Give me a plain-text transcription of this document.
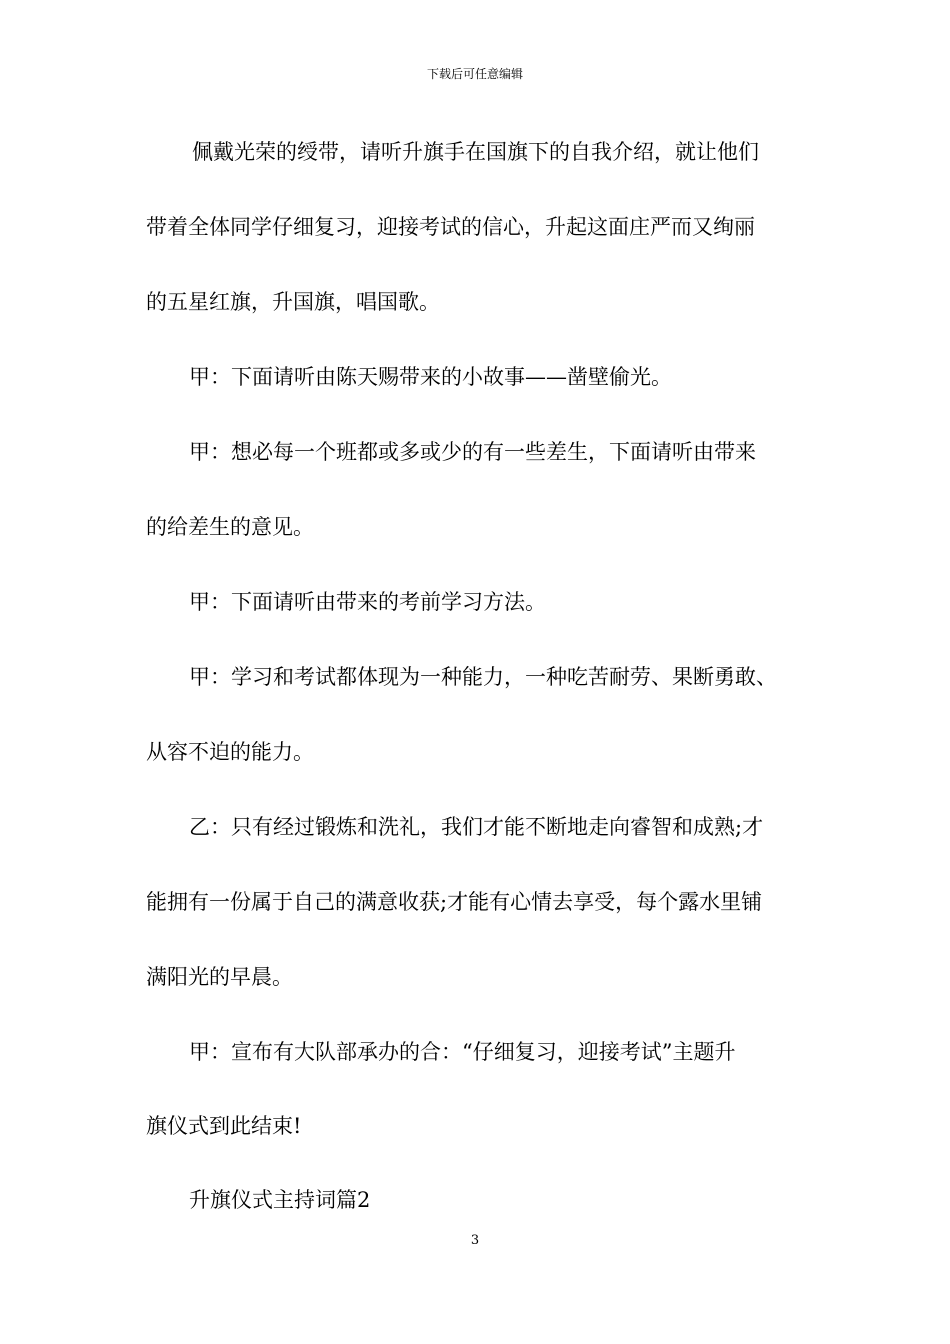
下载后可任意编辑
佩戴光荣的绶带，请听升旗手在国旗下的自我介绍，就让他们
带着全体同学仔细复习，迎接考试的信心，升起这面庄严而又绚丽
的五星红旗，升国旗，唱国歌。
甲：下面请听由陈天赐带来的小故事——凿壁偷光。
甲：想必每一个班都或多或少的有一些差生，下面请听由带来
的给差生的意见。
甲：下面请听由带来的考前学习方法。
甲：学习和考试都体现为一种能力，一种吃苦耐劳、果断勇敢、
从容不迫的能力。
乙：只有经过锻炼和洗礼，我们才能不断地走向睿智和成熟;才
能拥有一份属于自己的满意收获;才能有心情去享受，每个露水里铺
满阳光的早晨。
甲：宣布有大队部承办的合：“仔细复习，迎接考试”主题升
旗仪式到此结束!
升旗仪式主持词篇2
3
